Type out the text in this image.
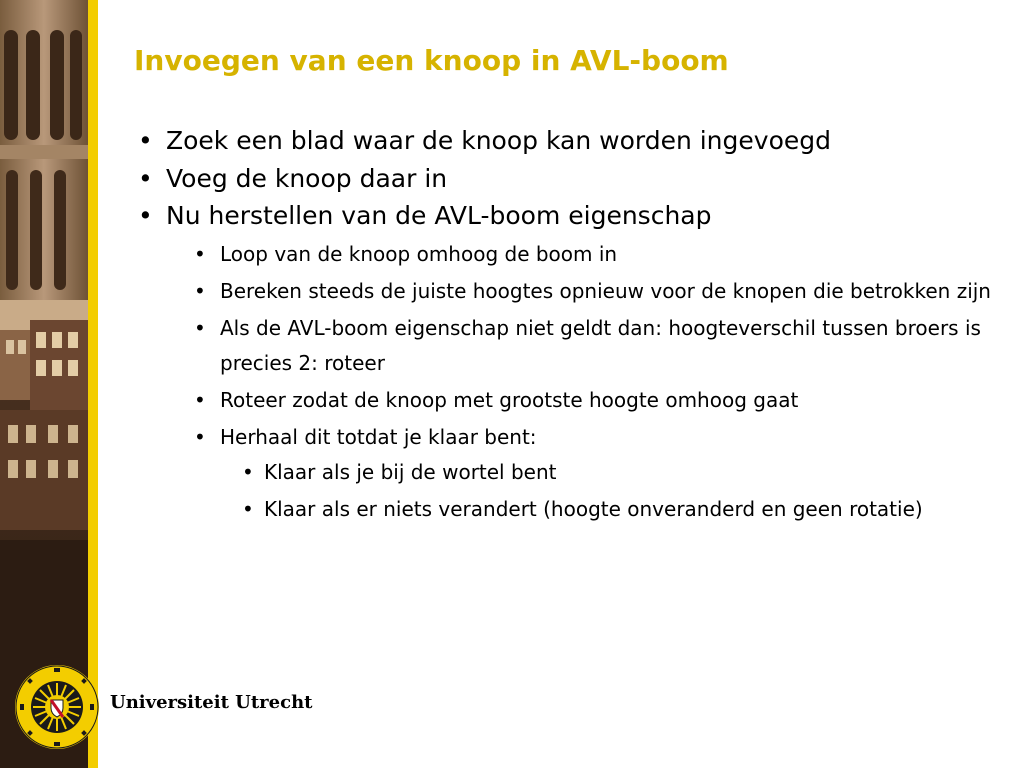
Invoegen van een knoop in AVL-boom
• Zoek een blad waar de knoop kan worden ingevoegd
• Voeg de knoop daar in
• Nu herstellen van de AVL-boom eigenschap
• Loop van de knoop omhoog de boom in
• Bereken steeds de juiste hoogtes opnieuw voor de knopen die betrokken zijn
• Als de AVL-boom eigenschap niet geldt dan: hoogteverschil tussen broers is precies 2: roteer
• Roteer zodat de knoop met grootste hoogte omhoog gaat
• Herhaal dit totdat je klaar bent:
• Klaar als je bij de wortel bent
• Klaar als er niets verandert (hoogte onveranderd en geen rotatie)
Universiteit Utrecht
